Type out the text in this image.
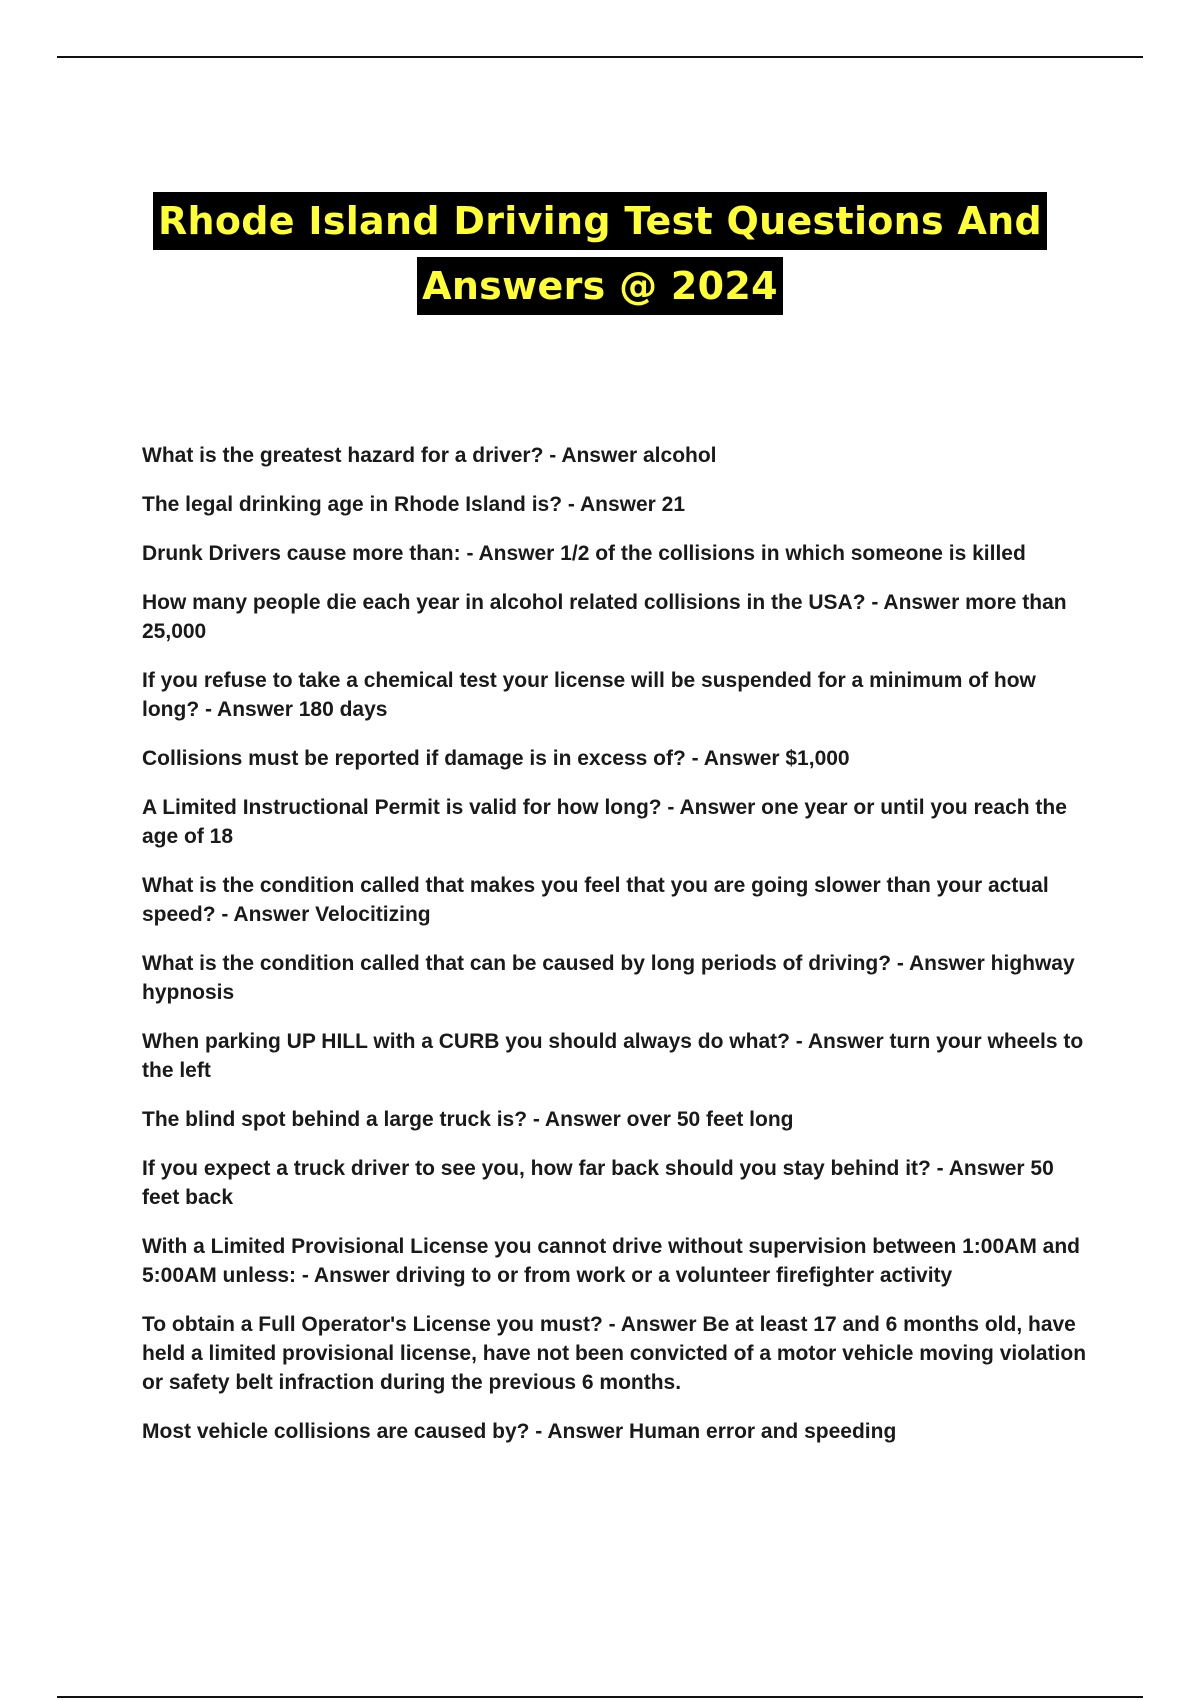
Rhode Island Driving Test Questions And
Answers @ 2024
What is the greatest hazard for a driver? - Answer alcohol
The legal drinking age in Rhode Island is? - Answer 21
Drunk Drivers cause more than: - Answer 1/2 of the collisions in which someone is killed
How many people die each year in alcohol related collisions in the USA? - Answer more than 25,000
If you refuse to take a chemical test your license will be suspended for a minimum of how long? - Answer 180 days
Collisions must be reported if damage is in excess of? - Answer $1,000
A Limited Instructional Permit is valid for how long? - Answer one year or until you reach the age of 18
What is the condition called that makes you feel that you are going slower than your actual speed? - Answer Velocitizing
What is the condition called that can be caused by long periods of driving? - Answer highway hypnosis
When parking UP HILL with a CURB you should always do what? - Answer turn your wheels to the left
The blind spot behind a large truck is? - Answer over 50 feet long
If you expect a truck driver to see you, how far back should you stay behind it? - Answer 50 feet back
With a Limited Provisional License you cannot drive without supervision between 1:00AM and 5:00AM unless: - Answer driving to or from work or a volunteer firefighter activity
To obtain a Full Operator's License you must? - Answer Be at least 17 and 6 months old, have held a limited provisional license, have not been convicted of a motor vehicle moving violation or safety belt infraction during the previous 6 months.
Most vehicle collisions are caused by? - Answer Human error and speeding
